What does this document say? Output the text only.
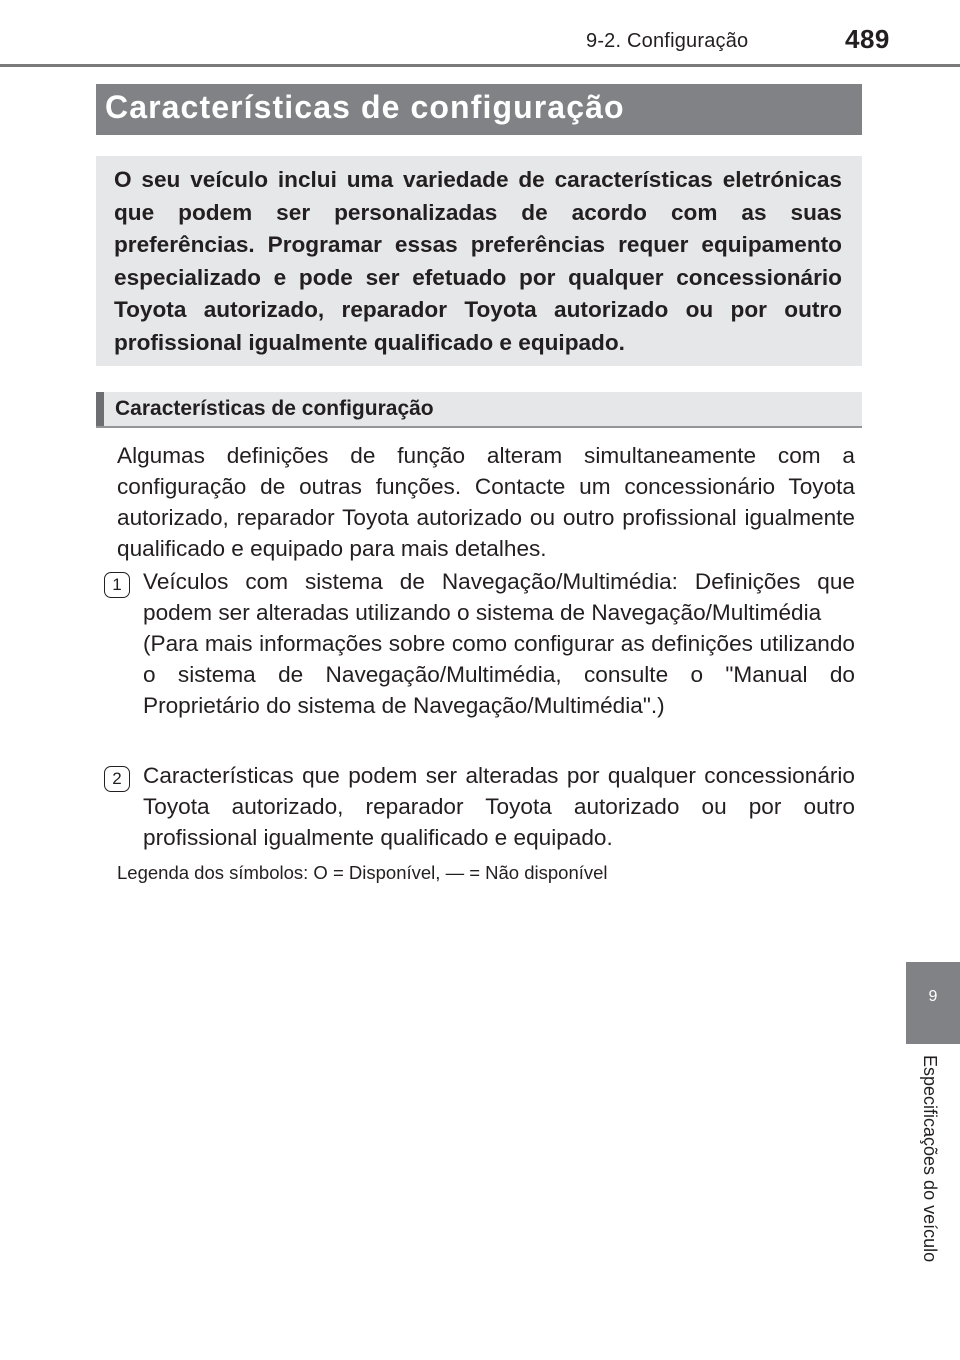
9-2. Configuração	489
Características de configuração

O seu veículo inclui uma variedade de características eletrónicas que podem ser personalizadas de acordo com as suas preferências. Programar essas preferências requer equipamento especializado e pode ser efetuado por qualquer concessionário Toyota autorizado, reparador Toyota autorizado ou por outro profissional igualmente qualificado e equipado.

Características de configuração
Algumas definições de função alteram simultaneamente com a configuração de outras funções. Contacte um concessionário Toyota autorizado, reparador Toyota autorizado ou outro profissional igualmente qualificado e equipado para mais detalhes.
1 Veículos com sistema de Navegação/Multimédia: Definições que podem ser alteradas utilizando o sistema de Navegação/Multimédia

(Para mais informações sobre como configurar as definições utilizando o sistema de Navegação/Multimédia, consulte o "Manual do Proprietário do sistema de Navegação/Multimédia".)

2 Características que podem ser alteradas por qualquer concessionário Toyota autorizado, reparador Toyota autorizado ou por outro profissional igualmente qualificado e equipado.

Legenda dos símbolos: O = Disponível, — = Não disponível
9
Especificações do veículo
